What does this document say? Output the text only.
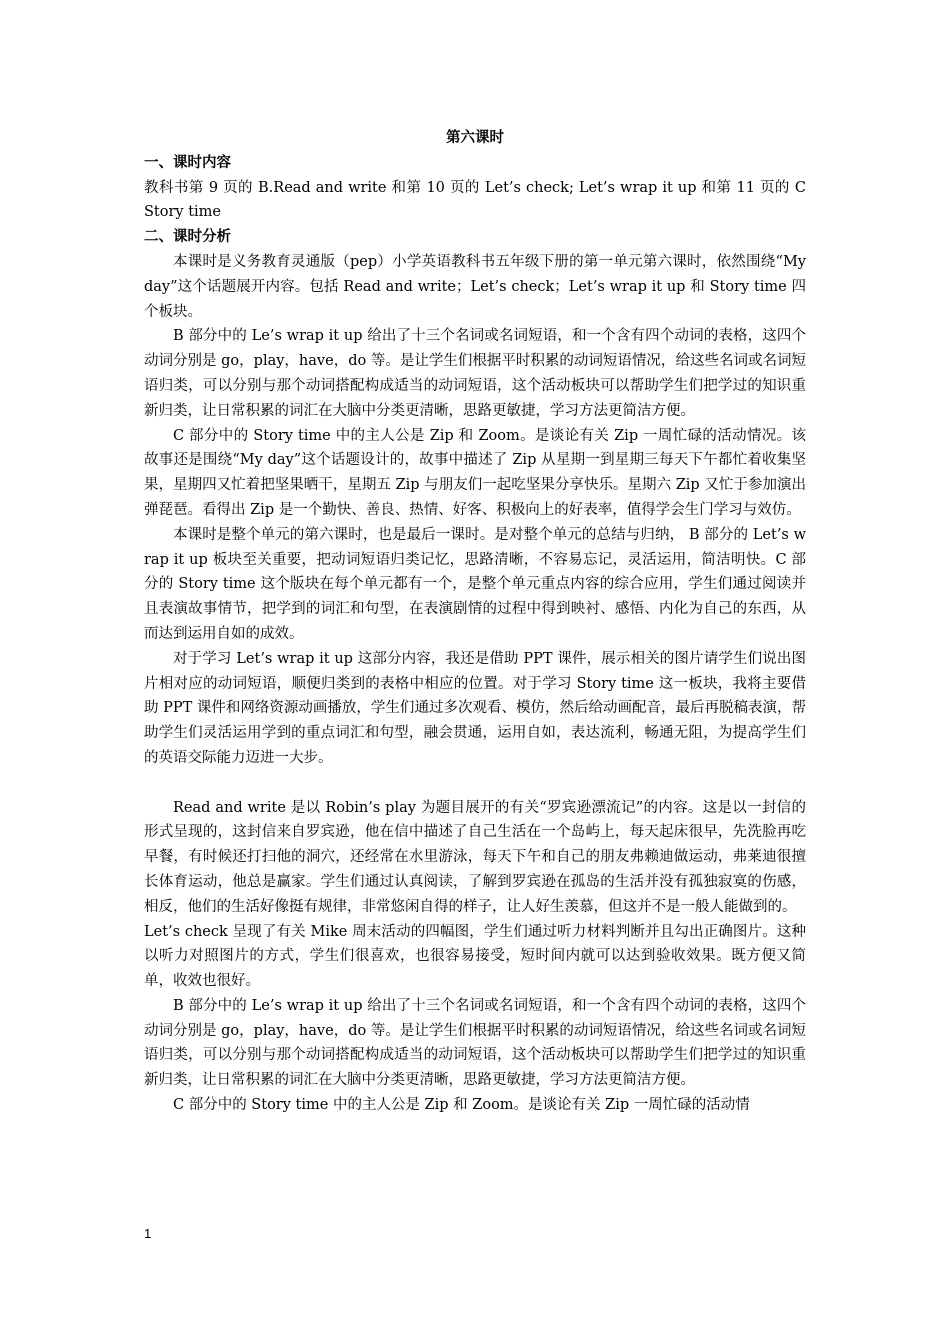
第六课时

一、课时内容

教科书第 9 页的 B.Read and write 和第 10 页的 Let’s check; Let’s wrap it up 和第 11 页的 C Story time

二、课时分析

本课时是义务教育灵通版（pep）小学英语教科书五年级下册的第一单元第六课时，依然围绕“My day”这个话题展开内容。包括 Read and write；Let’s check；Let’s wrap it up 和 Story time 四个板块。

B 部分中的 Le’s wrap it up 给出了十三个名词或名词短语，和一个含有四个动词的表格，这四个动词分别是 go，play，have，do 等。是让学生们根据平时积累的动词短语情况，给这些名词或名词短语归类，可以分别与那个动词搭配构成适当的动词短语，这个活动板块可以帮助学生们把学过的知识重新归类，让日常积累的词汇在大脑中分类更清晰，思路更敏捷，学习方法更简洁方便。

C 部分中的 Story time 中的主人公是 Zip 和 Zoom。是谈论有关 Zip 一周忙碌的活动情况。该故事还是围绕“My day”这个话题设计的，故事中描述了 Zip 从星期一到星期三每天下午都忙着收集坚果，星期四又忙着把坚果晒干，星期五 Zip 与朋友们一起吃坚果分享快乐。星期六 Zip 又忙于参加演出弹琵琶。看得出 Zip 是一个勤快、善良、热情、好客、积极向上的好表率，值得学会生门学习与效仿。

本课时是整个单元的第六课时，也是最后一课时。是对整个单元的总结与归纳， B 部分的 Let’s wrap it up 板块至关重要，把动词短语归类记忆，思路清晰，不容易忘记，灵活运用，简洁明快。C 部分的 Story time 这个版块在每个单元都有一个，是整个单元重点内容的综合应用，学生们通过阅读并且表演故事情节，把学到的词汇和句型，在表演剧情的过程中得到映衬、感悟、内化为自己的东西，从而达到运用自如的成效。

对于学习 Let’s wrap it up 这部分内容，我还是借助 PPT 课件，展示相关的图片请学生们说出图片相对应的动词短语，顺便归类到的表格中相应的位置。对于学习 Story time 这一板块，我将主要借助 PPT 课件和网络资源动画播放，学生们通过多次观看、模仿，然后给动画配音，最后再脱稿表演，帮助学生们灵活运用学到的重点词汇和句型，融会贯通，运用自如，表达流利，畅通无阻，为提高学生们的英语交际能力迈进一大步。

Read and write 是以 Robin’s play 为题目展开的有关“罗宾逊漂流记”的内容。这是以一封信的形式呈现的，这封信来自罗宾逊，他在信中描述了自己生活在一个岛屿上，每天起床很早，先洗脸再吃早餐，有时候还打扫他的洞穴，还经常在水里游泳，每天下午和自己的朋友弗赖迪做运动，弗莱迪很擅长体育运动，他总是赢家。学生们通过认真阅读，了解到罗宾逊在孤岛的生活并没有孤独寂寞的伤感，相反，他们的生活好像挺有规律，非常悠闲自得的样子，让人好生羡慕，但这并不是一般人能做到的。

Let’s check 呈现了有关 Mike 周末活动的四幅图，学生们通过听力材料判断并且勾出正确图片。这种以听力对照图片的方式，学生们很喜欢，也很容易接受，短时间内就可以达到验收效果。既方便又简单，收效也很好。

B 部分中的 Le’s wrap it up 给出了十三个名词或名词短语，和一个含有四个动词的表格，这四个动词分别是 go，play，have，do 等。是让学生们根据平时积累的动词短语情况，给这些名词或名词短语归类，可以分别与那个动词搭配构成适当的动词短语，这个活动板块可以帮助学生们把学过的知识重新归类，让日常积累的词汇在大脑中分类更清晰，思路更敏捷，学习方法更简洁方便。

C 部分中的 Story time 中的主人公是 Zip 和 Zoom。是谈论有关 Zip 一周忙碌的活动情

1
